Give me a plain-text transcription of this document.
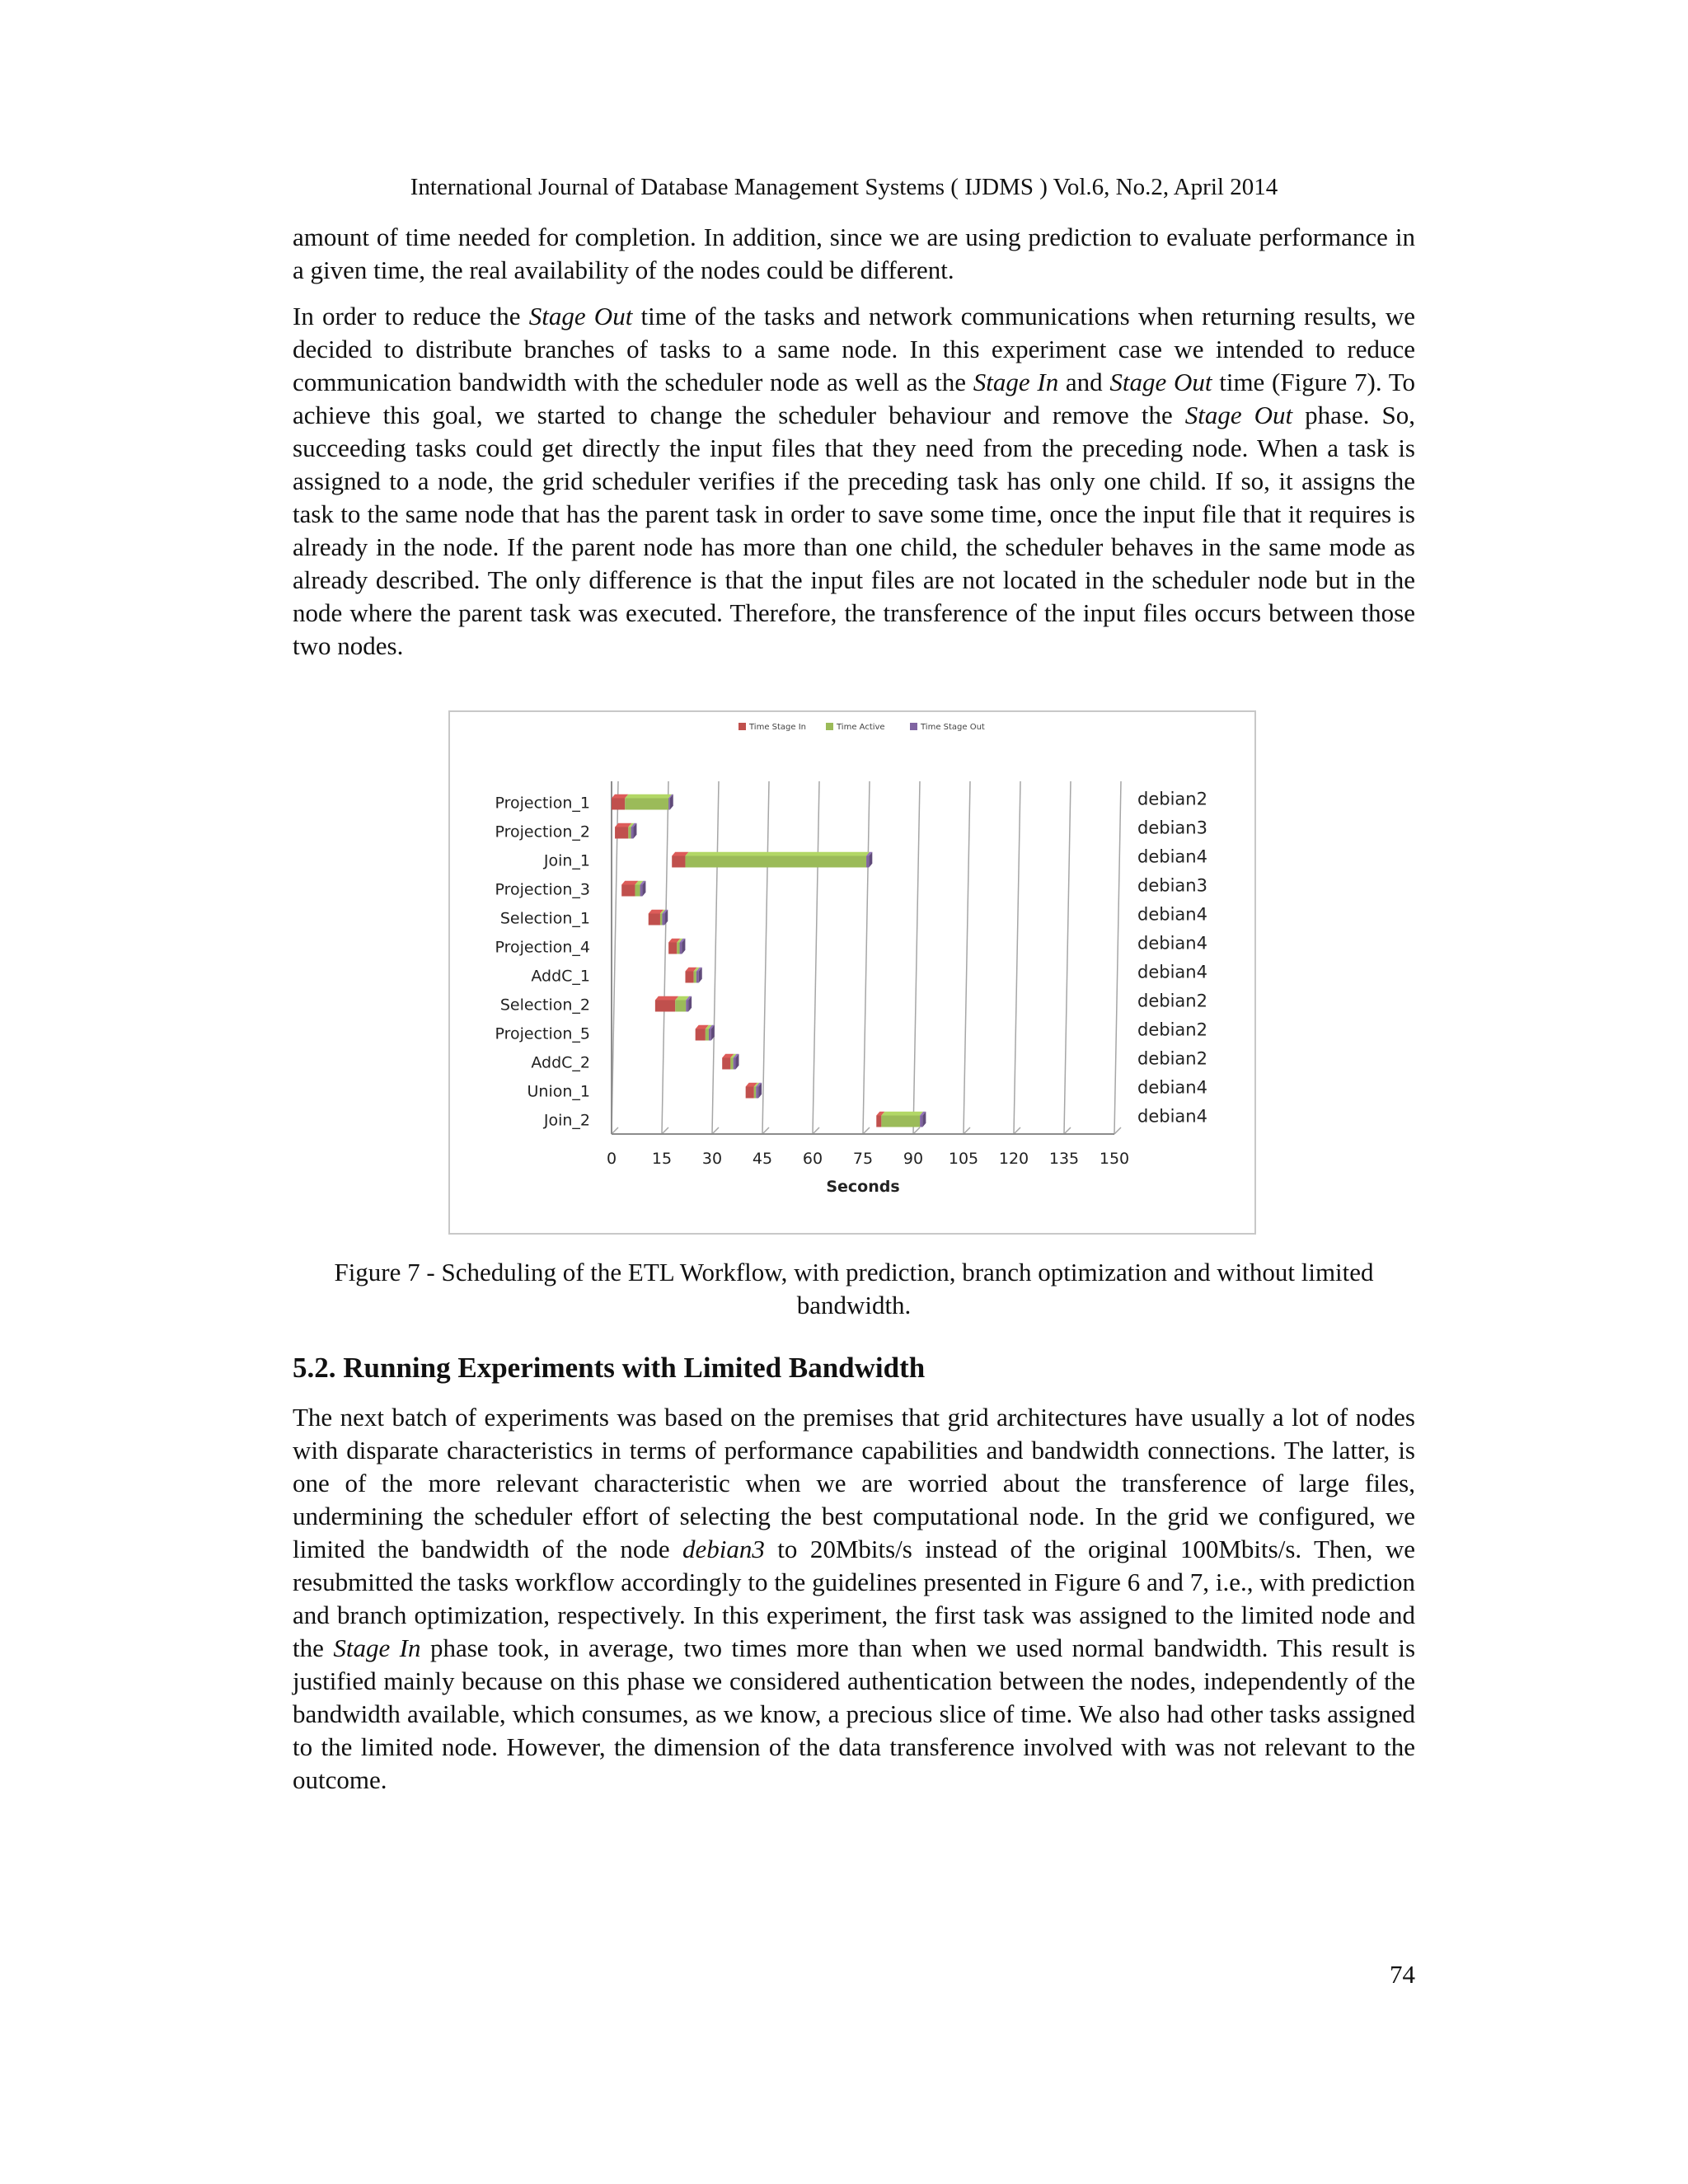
International Journal of Database Management Systems ( IJDMS ) Vol.6, No.2, April 2014

amount of time needed for completion. In addition, since we are using prediction to evaluate performance in a given time, the real availability of the nodes could be different.

In order to reduce the Stage Out time of the tasks and network communications when returning results, we decided to distribute branches of tasks to a same node. In this experiment case we intended to reduce communication bandwidth with the scheduler node as well as the Stage In and Stage Out time (Figure 7). To achieve this goal, we started to change the scheduler behaviour and remove the Stage Out phase. So, succeeding tasks could get directly the input files that they need from the preceding node. When a task is assigned to a node, the grid scheduler verifies if the preceding task has only one child. If so, it assigns the task to the same node that has the parent task in order to save some time, once the input file that it requires is already in the node. If the parent node has more than one child, the scheduler behaves in the same mode as already described. The only difference is that the input files are not located in the scheduler node but in the node where the parent task was executed. Therefore, the transference of the input files occurs between those two nodes.

0 15 30 45 60 75 90 105 120 135 150
Seconds
Time Stage In	Time Active	Time Stage Out
Projection_1	debian2
Projection_2	debian3
Join_1	debian4
Projection_3	debian3
Selection_1	debian4
Projection_4	debian4
AddC_1	debian4
Selection_2	debian2
Projection_5	debian2
AddC_2	debian2
Union_1	debian4
Join_2	debian4
Figure 7 - Scheduling of the ETL Workflow, with prediction, branch optimization and without limited bandwidth.
5.2. Running Experiments with Limited Bandwidth

The next batch of experiments was based on the premises that grid architectures have usually a lot of nodes with disparate characteristics in terms of performance capabilities and bandwidth connections. The latter, is one of the more relevant characteristic when we are worried about the transference of large files, undermining the scheduler effort of selecting the best computational node. In the grid we configured, we limited the bandwidth of the node debian3 to 20Mbits/s instead of the original 100Mbits/s. Then, we resubmitted the tasks workflow accordingly to the guidelines presented in Figure 6 and 7, i.e., with prediction and branch optimization, respectively. In this experiment, the first task was assigned to the limited node and the Stage In phase took, in average, two times more than when we used normal bandwidth. This result is justified mainly because on this phase we considered authentication between the nodes, independently of the bandwidth available, which consumes, as we know, a precious slice of time. We also had other tasks assigned to the limited node. However, the dimension of the data transference involved with was not relevant to the outcome.

74
